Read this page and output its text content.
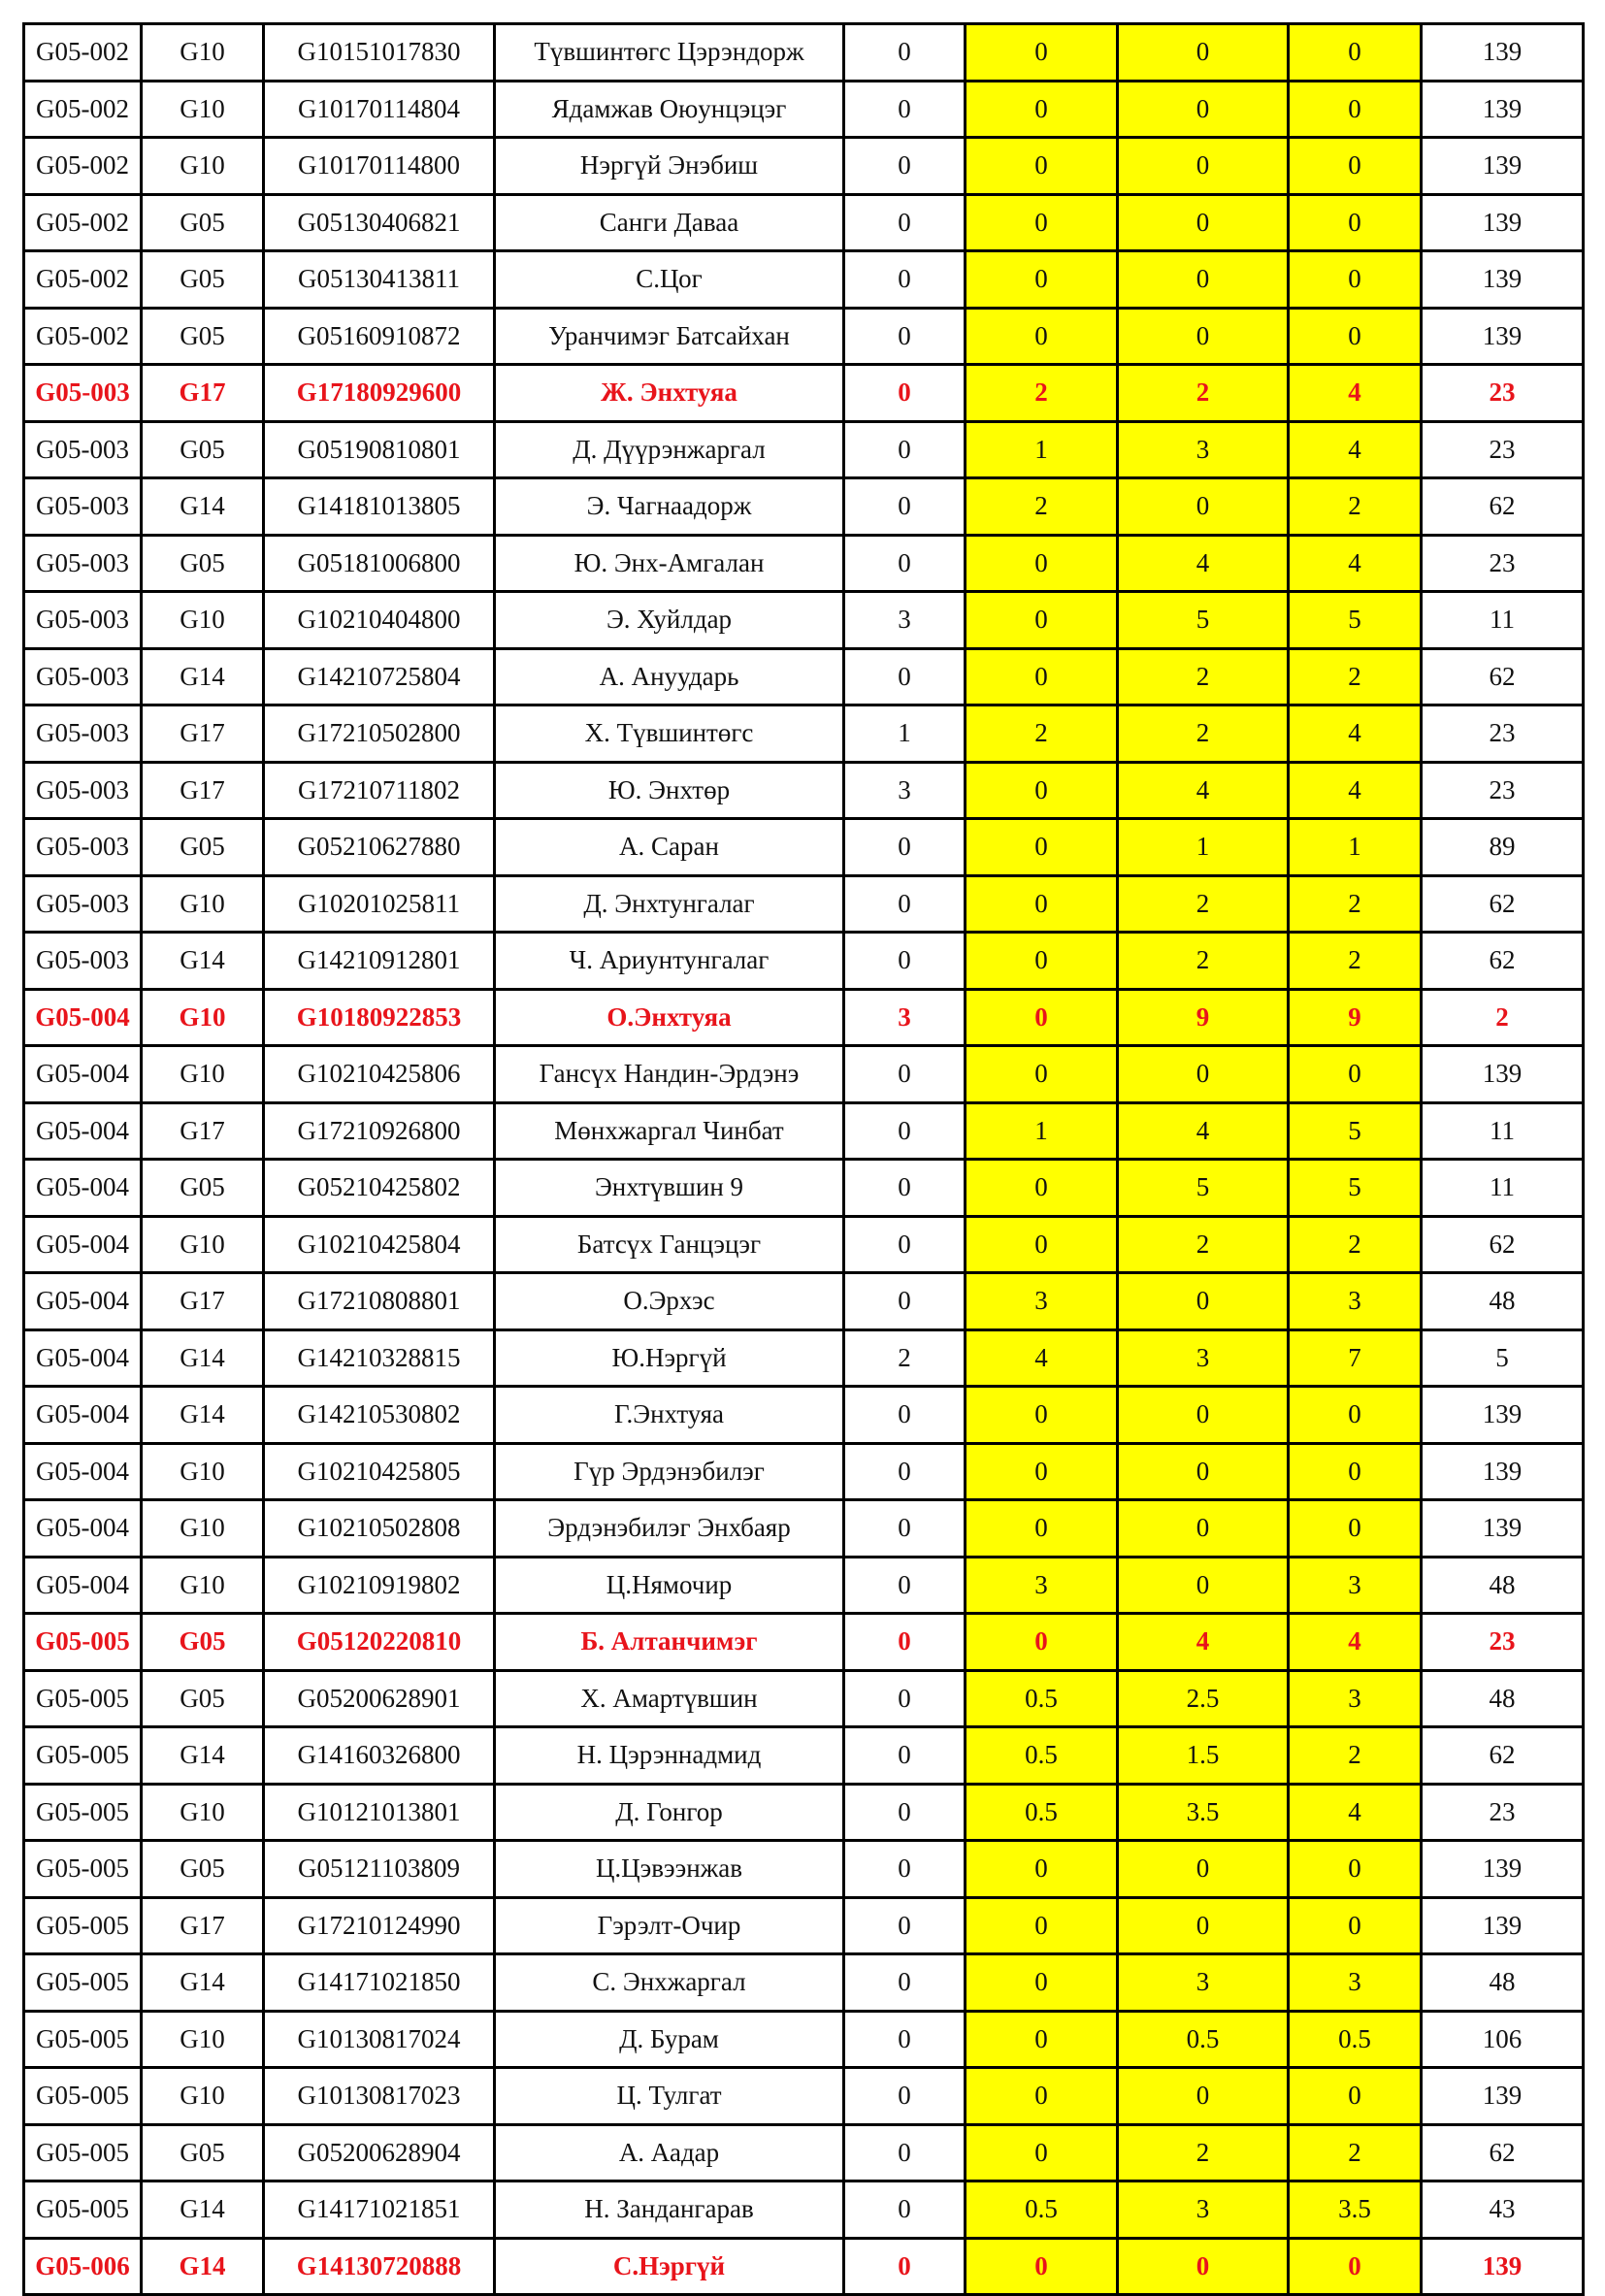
G05-002	G10	G10151017830	Түвшинтөгс Цэрэндорж	0	0	0	0	139
G05-002	G10	G10170114804	Ядамжав Оюунцэцэг	0	0	0	0	139
G05-002	G10	G10170114800	Нэргүй Энэбиш	0	0	0	0	139
G05-002	G05	G05130406821	Санги Даваа	0	0	0	0	139
G05-002	G05	G05130413811	С.Цог	0	0	0	0	139
G05-002	G05	G05160910872	Уранчимэг Батсайхан	0	0	0	0	139
G05-003	G17	G17180929600	Ж. Энхтуяа	0	2	2	4	23
G05-003	G05	G05190810801	Д. Дүүрэнжаргал	0	1	3	4	23
G05-003	G14	G14181013805	Э. Чагнаадорж	0	2	0	2	62
G05-003	G05	G05181006800	Ю. Энх-Амгалан	0	0	4	4	23
G05-003	G10	G10210404800	Э. Хуйлдар	3	0	5	5	11
G05-003	G14	G14210725804	А. Ануударь	0	0	2	2	62
G05-003	G17	G17210502800	Х. Түвшинтөгс	1	2	2	4	23
G05-003	G17	G17210711802	Ю. Энхтөр	3	0	4	4	23
G05-003	G05	G05210627880	А. Саран	0	0	1	1	89
G05-003	G10	G10201025811	Д. Энхтунгалаг	0	0	2	2	62
G05-003	G14	G14210912801	Ч. Ариунтунгалаг	0	0	2	2	62
G05-004	G10	G10180922853	О.Энхтуяа	3	0	9	9	2
G05-004	G10	G10210425806	Гансүх Нандин-Эрдэнэ	0	0	0	0	139
G05-004	G17	G17210926800	Мөнхжаргал Чинбат	0	1	4	5	11
G05-004	G05	G05210425802	Энхтүвшин 9	0	0	5	5	11
G05-004	G10	G10210425804	Батсүх Ганцэцэг	0	0	2	2	62
G05-004	G17	G17210808801	О.Эрхэс	0	3	0	3	48
G05-004	G14	G14210328815	Ю.Нэргүй	2	4	3	7	5
G05-004	G14	G14210530802	Г.Энхтуяа	0	0	0	0	139
G05-004	G10	G10210425805	Гүр Эрдэнэбилэг	0	0	0	0	139
G05-004	G10	G10210502808	Эрдэнэбилэг Энхбаяр	0	0	0	0	139
G05-004	G10	G10210919802	Ц.Нямочир	0	3	0	3	48
G05-005	G05	G05120220810	Б. Алтанчимэг	0	0	4	4	23
G05-005	G05	G05200628901	Х. Амартүвшин	0	0.5	2.5	3	48
G05-005	G14	G14160326800	Н. Цэрэннадмид	0	0.5	1.5	2	62
G05-005	G10	G10121013801	Д. Гонгор	0	0.5	3.5	4	23
G05-005	G05	G05121103809	Ц.Цэвээнжав	0	0	0	0	139
G05-005	G17	G17210124990	Гэрэлт-Очир	0	0	0	0	139
G05-005	G14	G14171021850	С. Энхжаргал	0	0	3	3	48
G05-005	G10	G10130817024	Д. Бурам	0	0	0.5	0.5	106
G05-005	G10	G10130817023	Ц. Тулгат	0	0	0	0	139
G05-005	G05	G05200628904	А. Аадар	0	0	2	2	62
G05-005	G14	G14171021851	Н. Зандангарав	0	0.5	3	3.5	43
G05-006	G14	G14130720888	С.Нэргүй	0	0	0	0	139
